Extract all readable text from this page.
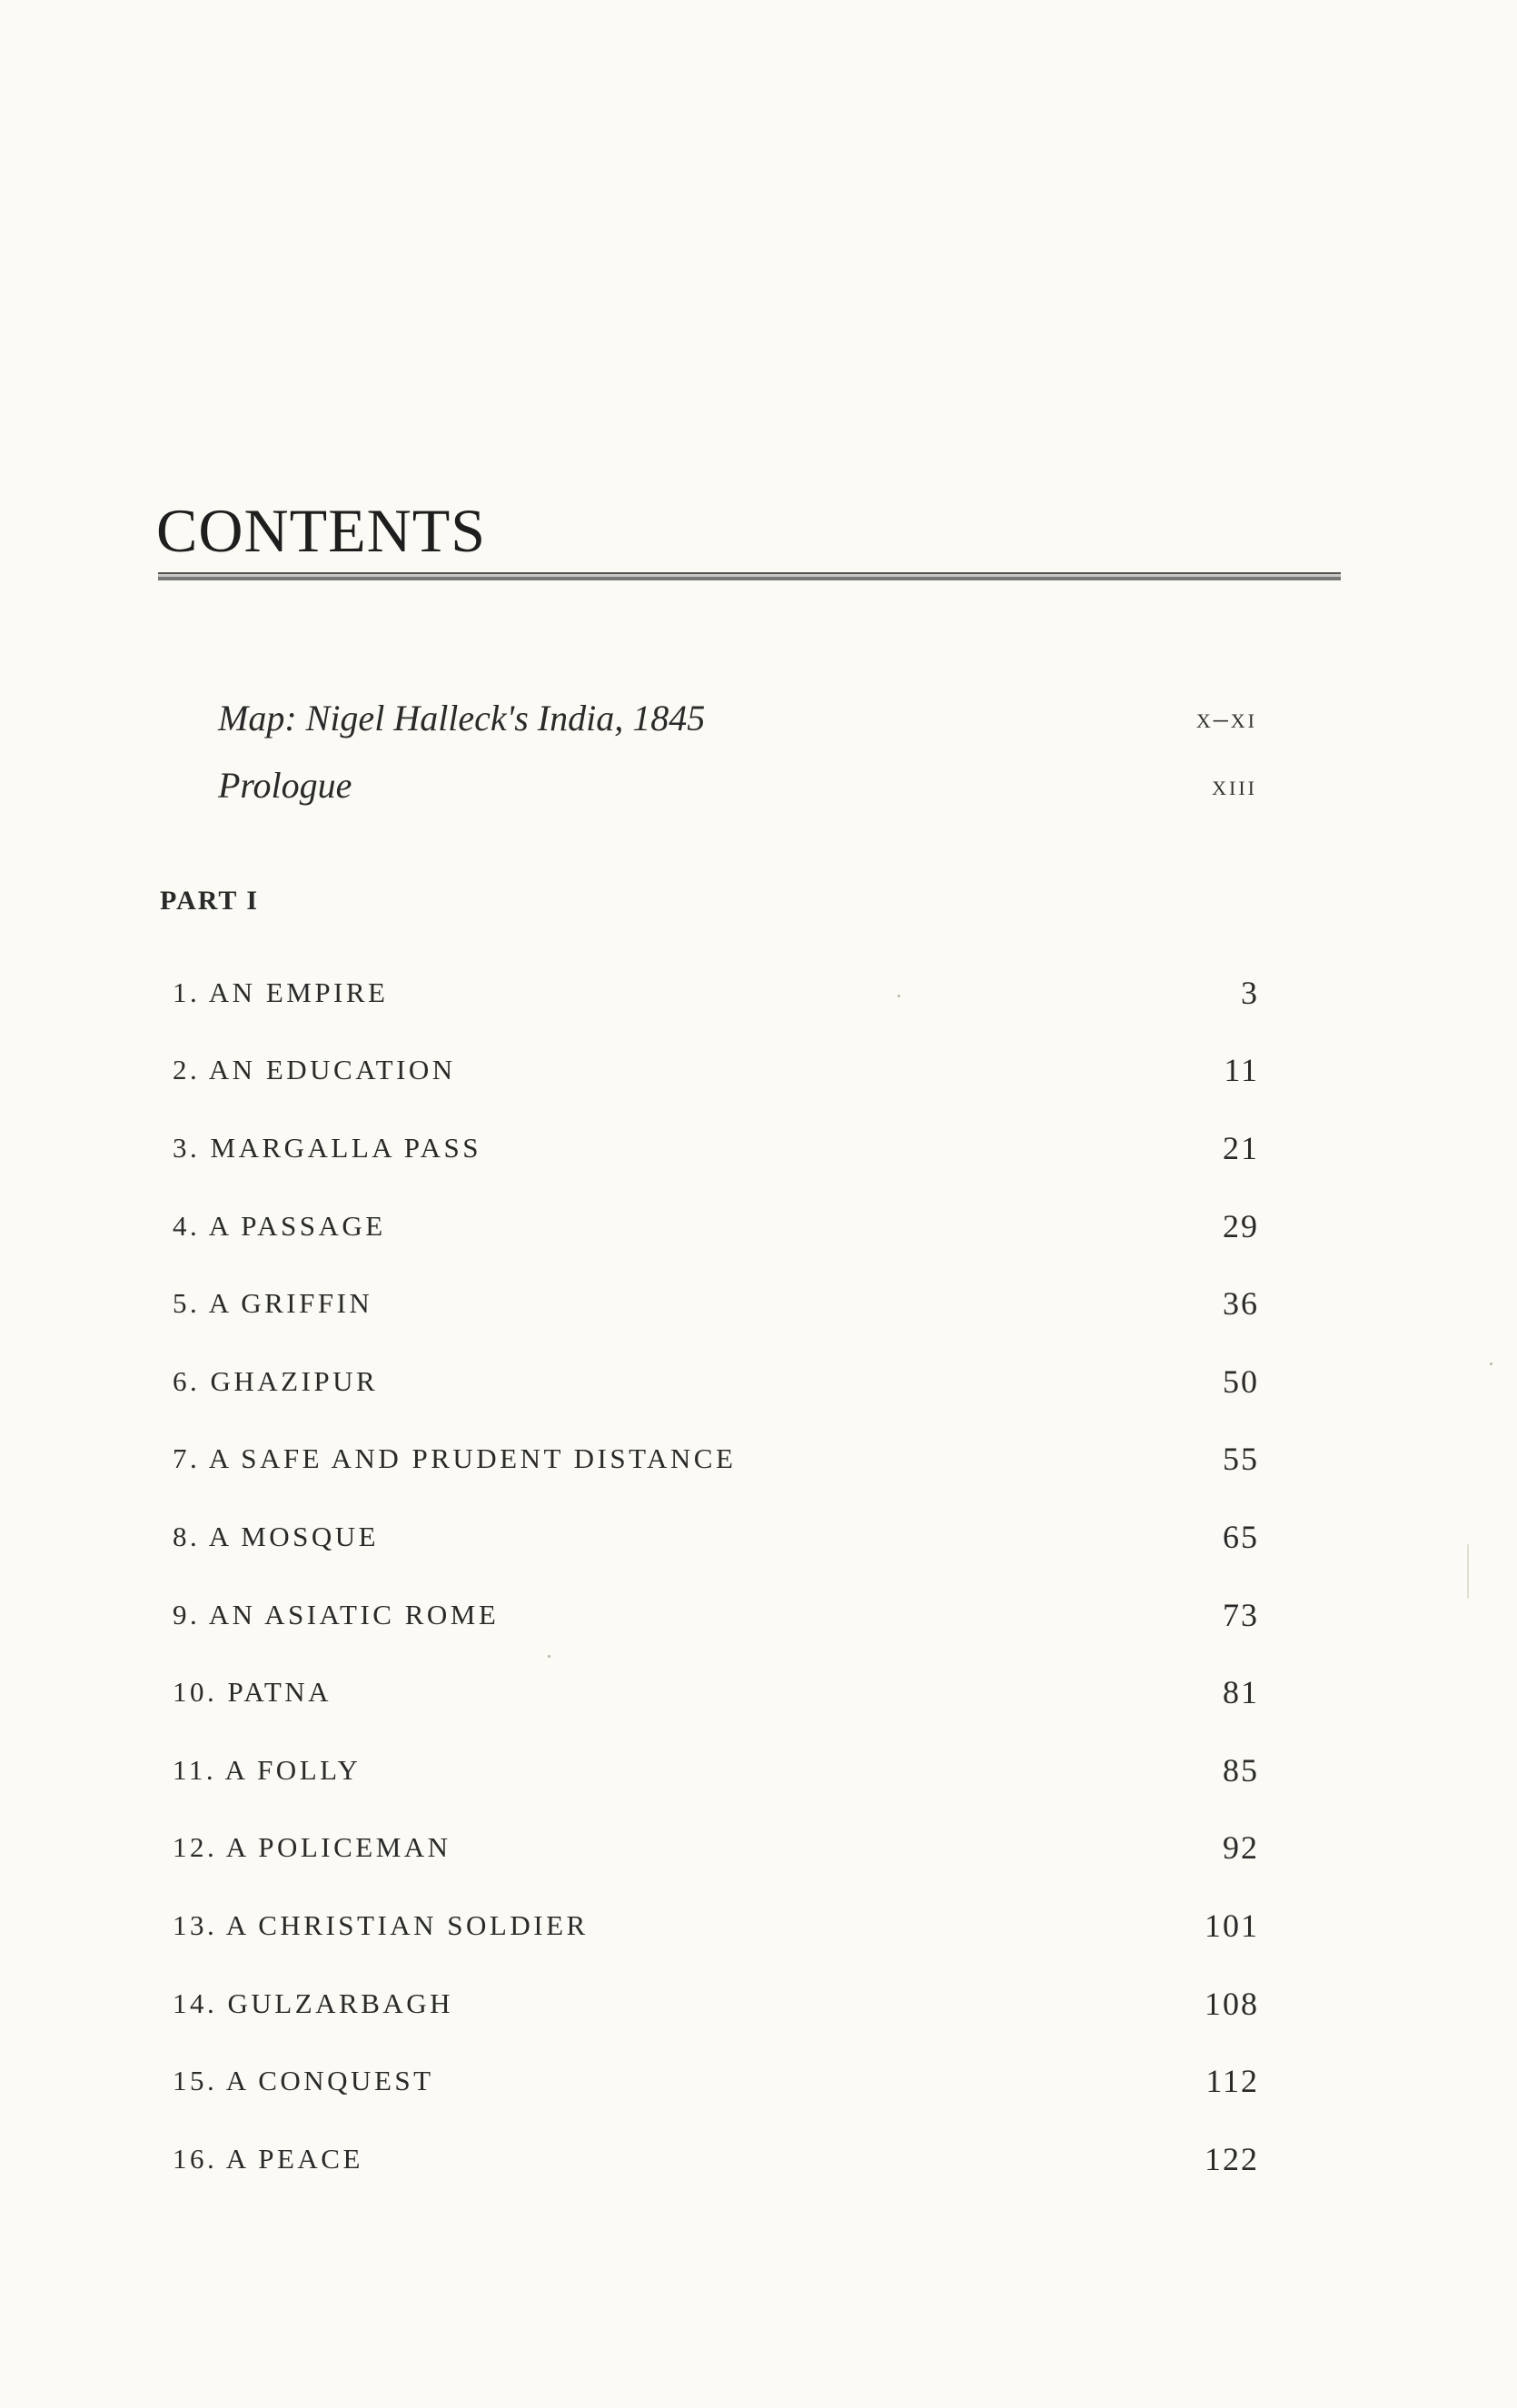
CONTENTS
Map: Nigel Halleck's India, 1845	x–xi
Prologue	xiii
PART I
1. AN EMPIRE	3
2. AN EDUCATION	11
3. MARGALLA PASS	21
4. A PASSAGE	29
5. A GRIFFIN	36
6. GHAZIPUR	50
7. A SAFE AND PRUDENT DISTANCE	55
8. A MOSQUE	65
9. AN ASIATIC ROME	73
10. PATNA	81
11. A FOLLY	85
12. A POLICEMAN	92
13. A CHRISTIAN SOLDIER	101
14. GULZARBAGH	108
15. A CONQUEST	112
16. A PEACE	122
